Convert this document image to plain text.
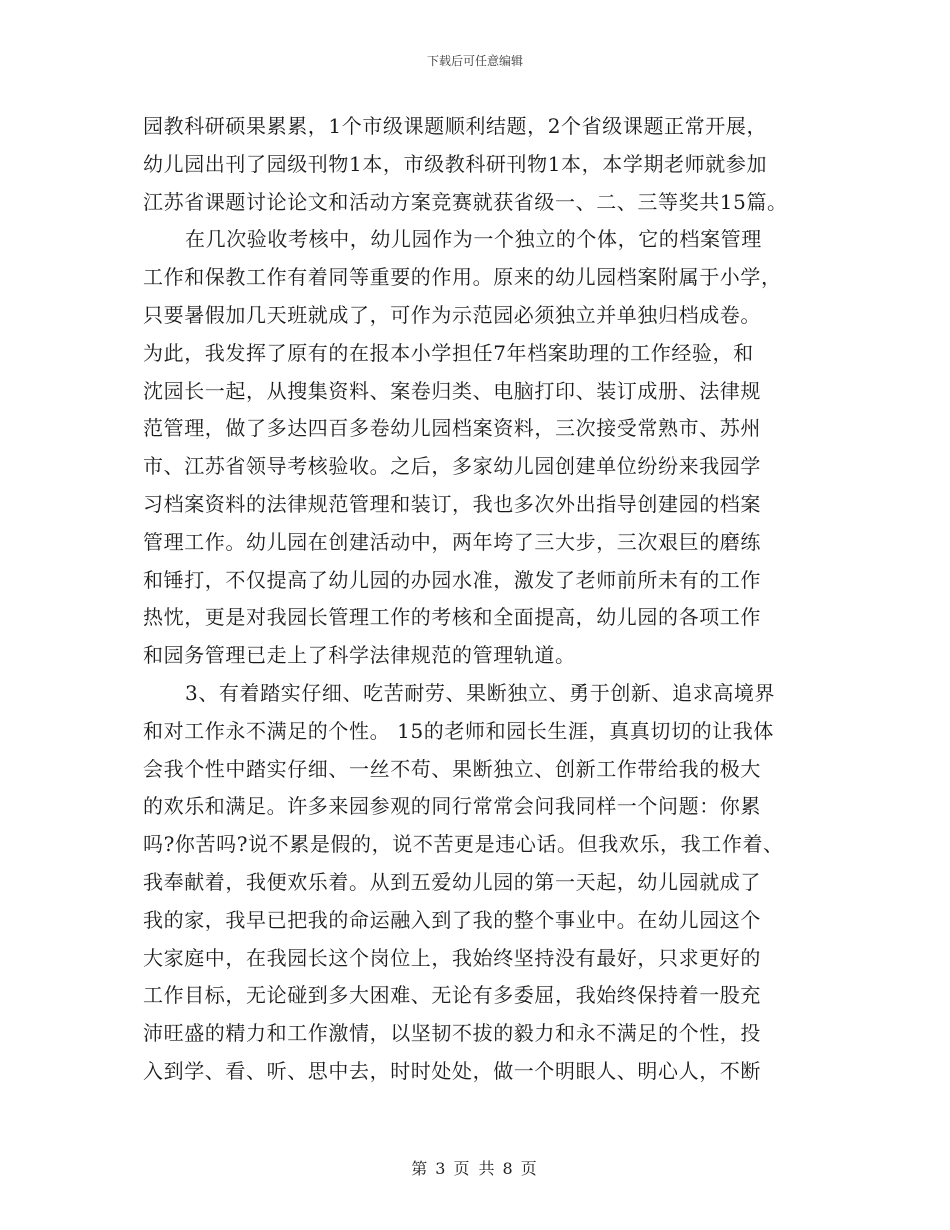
下载后可任意编辑
园教科研硕果累累，1个市级课题顺利结题，2个省级课题正常开展，
幼儿园出刊了园级刊物1本，市级教科研刊物1本，本学期老师就参加
江苏省课题讨论论文和活动方案竞赛就获省级一、二、三等奖共15篇。
在几次验收考核中，幼儿园作为一个独立的个体，它的档案管理
工作和保教工作有着同等重要的作用。原来的幼儿园档案附属于小学，
只要暑假加几天班就成了，可作为示范园必须独立并单独归档成卷。
为此，我发挥了原有的在报本小学担任7年档案助理的工作经验，和
沈园长一起，从搜集资料、案卷归类、电脑打印、装订成册、法律规
范管理，做了多达四百多卷幼儿园档案资料，三次接受常熟市、苏州
市、江苏省领导考核验收。之后，多家幼儿园创建单位纷纷来我园学
习档案资料的法律规范管理和装订，我也多次外出指导创建园的档案
管理工作。幼儿园在创建活动中，两年垮了三大步，三次艰巨的磨练
和锤打，不仅提高了幼儿园的办园水准，激发了老师前所未有的工作
热忱，更是对我园长管理工作的考核和全面提高，幼儿园的各项工作
和园务管理已走上了科学法律规范的管理轨道。
3、有着踏实仔细、吃苦耐劳、果断独立、勇于创新、追求高境界
和对工作永不满足的个性。 15的老师和园长生涯，真真切切的让我体
会我个性中踏实仔细、一丝不苟、果断独立、创新工作带给我的极大
的欢乐和满足。许多来园参观的同行常常会问我同样一个问题：你累
吗?你苦吗?说不累是假的，说不苦更是违心话。但我欢乐，我工作着、
我奉献着，我便欢乐着。从到五爱幼儿园的第一天起，幼儿园就成了
我的家，我早已把我的命运融入到了我的整个事业中。在幼儿园这个
大家庭中，在我园长这个岗位上，我始终坚持没有最好，只求更好的
工作目标，无论碰到多大困难、无论有多委屈，我始终保持着一股充
沛旺盛的精力和工作激情，以坚韧不拔的毅力和永不满足的个性，投
入到学、看、听、思中去，时时处处，做一个明眼人、明心人，不断
第 3 页 共 8 页
